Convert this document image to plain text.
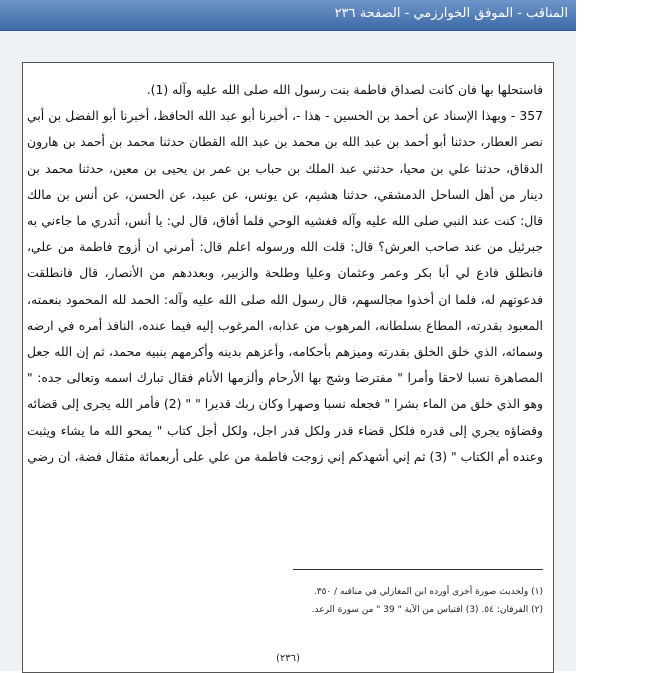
المناقب - الموفق الخوارزمي - الصفحة ٢٣٦

فاستحلها بها فان كانت لصداق فاطمة بنت رسول الله صلى الله عليه وآله (1).

357 - وبهذا الإسناد عن أحمد بن الحسين - هذا -، أخبرنا أبو عبد الله الحافظ، أخبرنا أبو الفضل بن أبي نصر العطار، حدثنا أبو أحمد بن عبد الله بن محمد بن عبد الله القطان حدثنا محمد بن أحمد بن هارون الدقاق، حدثنا علي بن محيا، حدثني عبد الملك بن حباب بن عمر بن يحيى بن معين، حدثنا محمد بن دينار من أهل الساحل الدمشقي، حدثنا هشيم، عن يونس، عن عبيد، عن الحسن، عن أنس بن مالك قال: كنت عند النبي صلى الله عليه وآله فغشيه الوحي فلما أفاق، قال لي: يا أنس، أتدري ما جاءني به جبرئيل من عند صاحب العرش؟ قال: قلت الله ورسوله اعلم قال: أمرني ان أزوج فاطمة من علي، فانطلق فادع لي أبا بكر وعمر وعثمان وعليا وطلحة والزبير، وبعددهم من الأنصار، قال فانطلقت فدعوتهم له، فلما ان أخذوا مجالسهم، قال رسول الله صلى الله عليه وآله: الحمد لله المحمود بنعمته، المعبود بقدرته، المطاع بسلطانه، المرهوب من عذابه، المرغوب إليه فيما عنده، النافذ أمره في ارضه وسمائه، الذي خلق الخلق بقدرته وميزهم بأحكامه، وأعزهم بدينه وأكرمهم بنبيه محمد، ثم إن الله جعل المصاهرة نسبا لاحقا وأمرا " مفترضا وشج بها الأرحام وألزمها الأنام فقال تبارك اسمه وتعالى جده: " وهو الذي خلق من الماء بشرا " فجعله نسبا وصهرا وكان ربك قديرا " " (2) فأمر الله يجرى إلى قضائه وقضاؤه يجري إلى قدره فلكل قضاء قدر ولكل قدر اجل، ولكل أجل كتاب " يمحو الله ما يشاء ويثبت وعنده أم الكتاب " (3) ثم إني أشهدكم إني زوجت فاطمة من علي على أربعمائة مثقال فضة، ان رضي

(١) ولحديث صورة أخرى أورده ابن المغازلي في مناقبه / ٣٥٠.
(٢) الفرقان: ٥٤. (3) اقتباس من الآية " 39 " من سورة الرعد.
(٢٣٦)
